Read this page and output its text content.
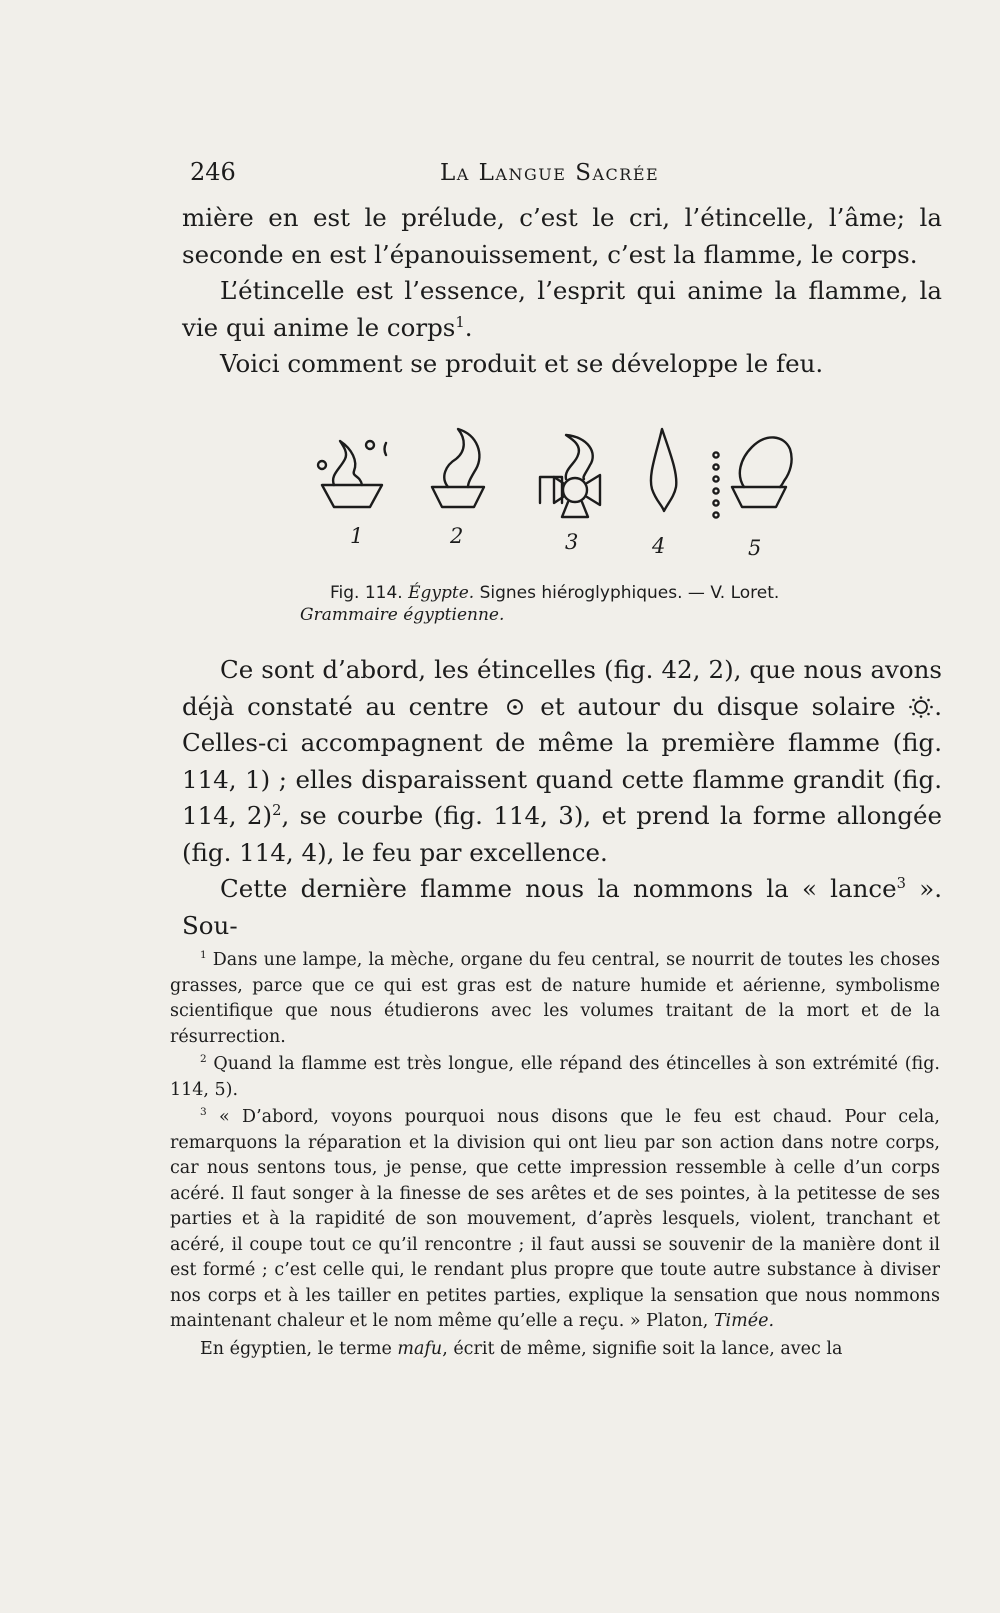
246	La Langue Sacrée

mière en est le prélude, c’est le cri, l’étincelle, l’âme; la seconde en est l’épanouissement, c’est la flamme, le corps.

L’étincelle est l’essence, l’esprit qui anime la flamme, la vie qui anime le corps$^1$.

Voici comment se produit et se développe le feu.

1	2	3	4	5
Fig. 114. Égypte. Signes hiéroglyphiques. — V. Loret.
Grammaire égyptienne.

Ce sont d’abord, les étincelles (fig. 42, 2), que nous avons déjà constaté au centre et autour du disque solaire . Celles-ci accompagnent de même la première flamme (fig. 114, 1) ; elles disparaissent quand cette flamme grandit (fig. 114, 2)$^2$, se courbe (fig. 114, 3), et prend la forme allongée (fig. 114, 4), le feu par excellence.

Cette dernière flamme nous la nommons la « lance$^3$ ». Sou-

$^1$ Dans une lampe, la mèche, organe du feu central, se nourrit de toutes les choses grasses, parce que ce qui est gras est de nature humide et aérienne, symbolisme scientifique que nous étudierons avec les volumes traitant de la mort et de la résurrection.

$^2$ Quand la flamme est très longue, elle répand des étincelles à son extrémité (fig. 114, 5).

$^3$ « D’abord, voyons pourquoi nous disons que le feu est chaud. Pour cela, remarquons la réparation et la division qui ont lieu par son action dans notre corps, car nous sentons tous, je pense, que cette impression ressemble à celle d’un corps acéré. Il faut songer à la finesse de ses arêtes et de ses pointes, à la petitesse de ses parties et à la rapidité de son mouvement, d’après lesquels, violent, tranchant et acéré, il coupe tout ce qu’il rencontre ; il faut aussi se souvenir de la manière dont il est formé ; c’est celle qui, le rendant plus propre que toute autre substance à diviser nos corps et à les tailler en petites parties, explique la sensation que nous nommons maintenant chaleur et le nom même qu’elle a reçu. » Platon, Timée.

En égyptien, le terme mafu, écrit de même, signifie soit la lance, avec la
